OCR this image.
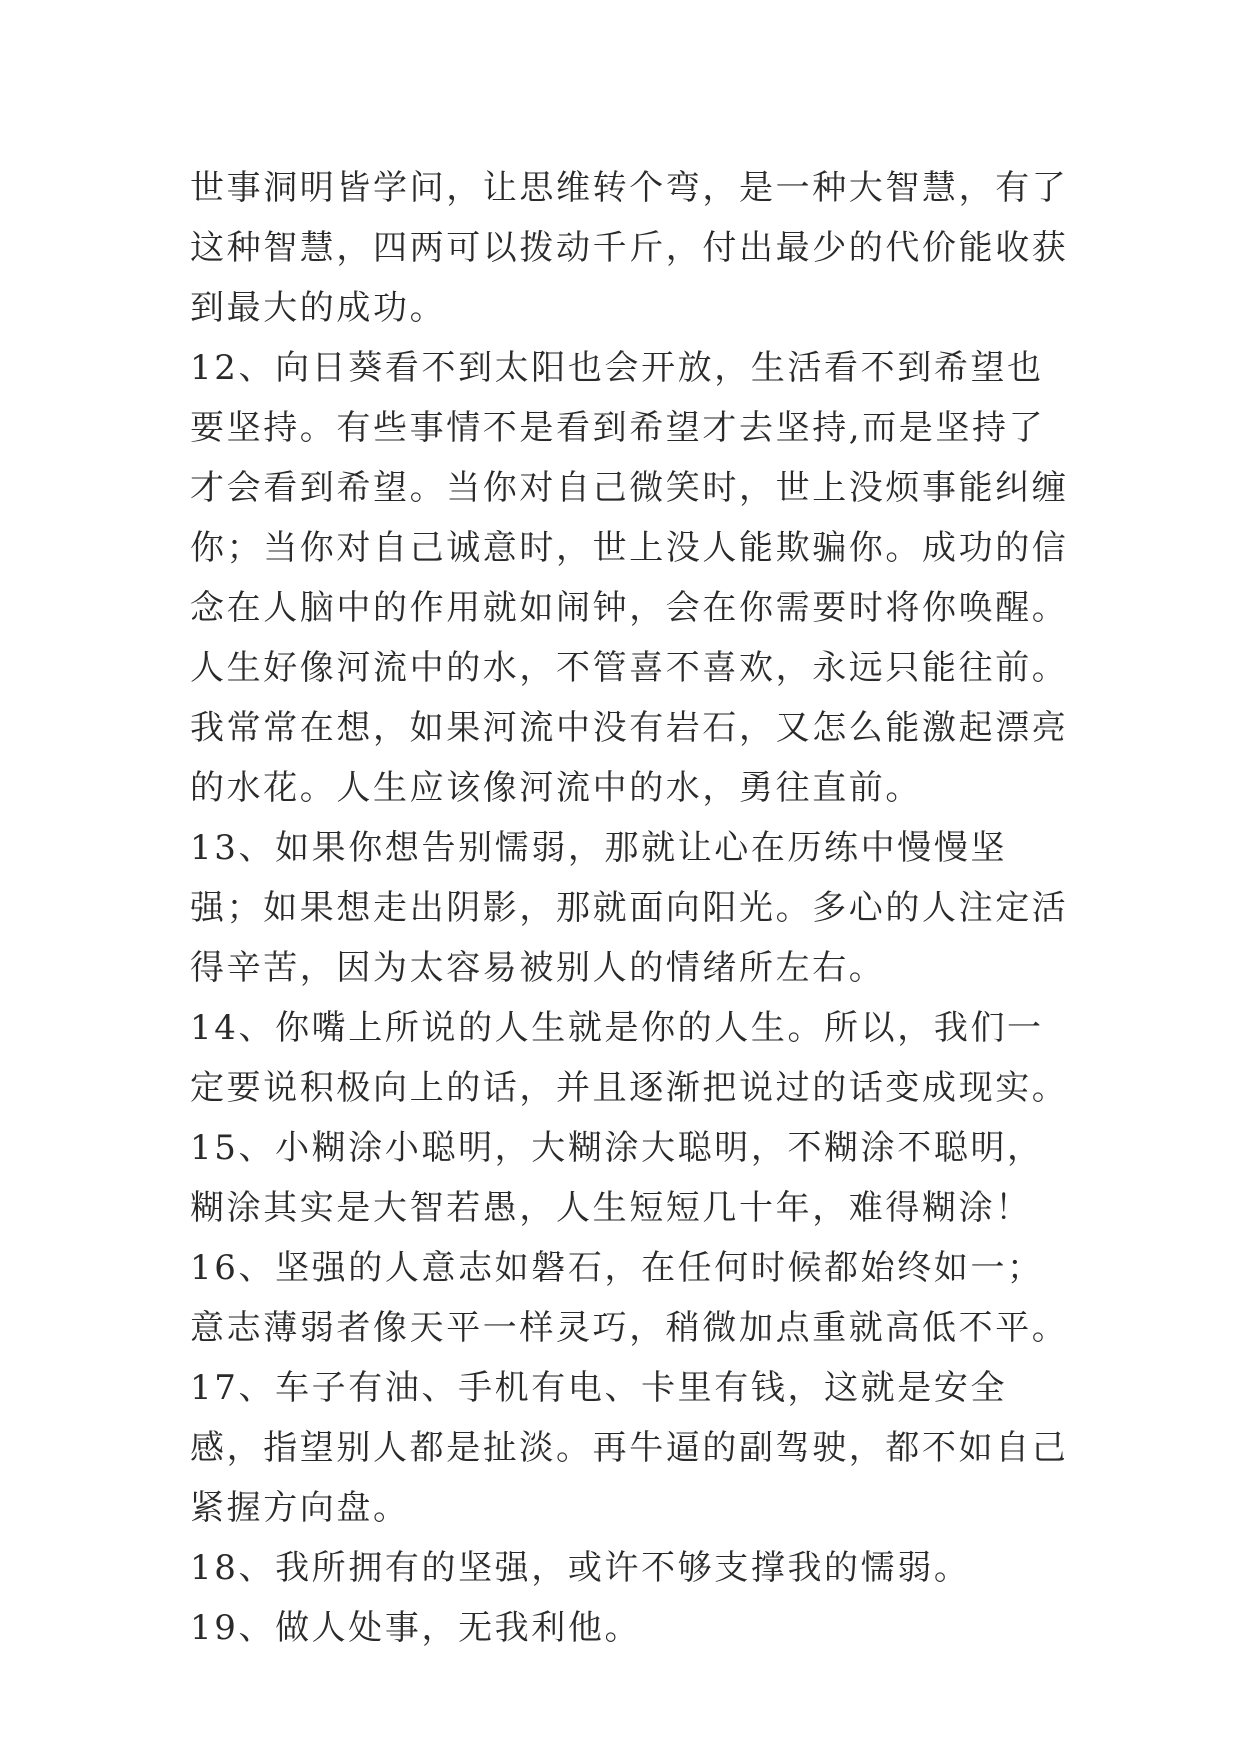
世事洞明皆学问，让思维转个弯，是一种大智慧，有了这种智慧，四两可以拨动千斤，付出最少的代价能收获到最大的成功。

12、向日葵看不到太阳也会开放，生活看不到希望也要坚持。有些事情不是看到希望才去坚持,而是坚持了才会看到希望。当你对自己微笑时，世上没烦事能纠缠你；当你对自己诚意时，世上没人能欺骗你。成功的信念在人脑中的作用就如闹钟，会在你需要时将你唤醒。人生好像河流中的水，不管喜不喜欢，永远只能往前。我常常在想，如果河流中没有岩石，又怎么能激起漂亮的水花。人生应该像河流中的水，勇往直前。

13、如果你想告别懦弱，那就让心在历练中慢慢坚强；如果想走出阴影，那就面向阳光。多心的人注定活得辛苦，因为太容易被别人的情绪所左右。

14、你嘴上所说的人生就是你的人生。所以，我们一定要说积极向上的话，并且逐渐把说过的话变成现实。

15、小糊涂小聪明，大糊涂大聪明，不糊涂不聪明，糊涂其实是大智若愚，人生短短几十年，难得糊涂！

16、坚强的人意志如磐石，在任何时候都始终如一；意志薄弱者像天平一样灵巧，稍微加点重就高低不平。

17、车子有油、手机有电、卡里有钱，这就是安全感，指望别人都是扯淡。再牛逼的副驾驶，都不如自己紧握方向盘。

18、我所拥有的坚强，或许不够支撑我的懦弱。

19、做人处事，无我利他。
